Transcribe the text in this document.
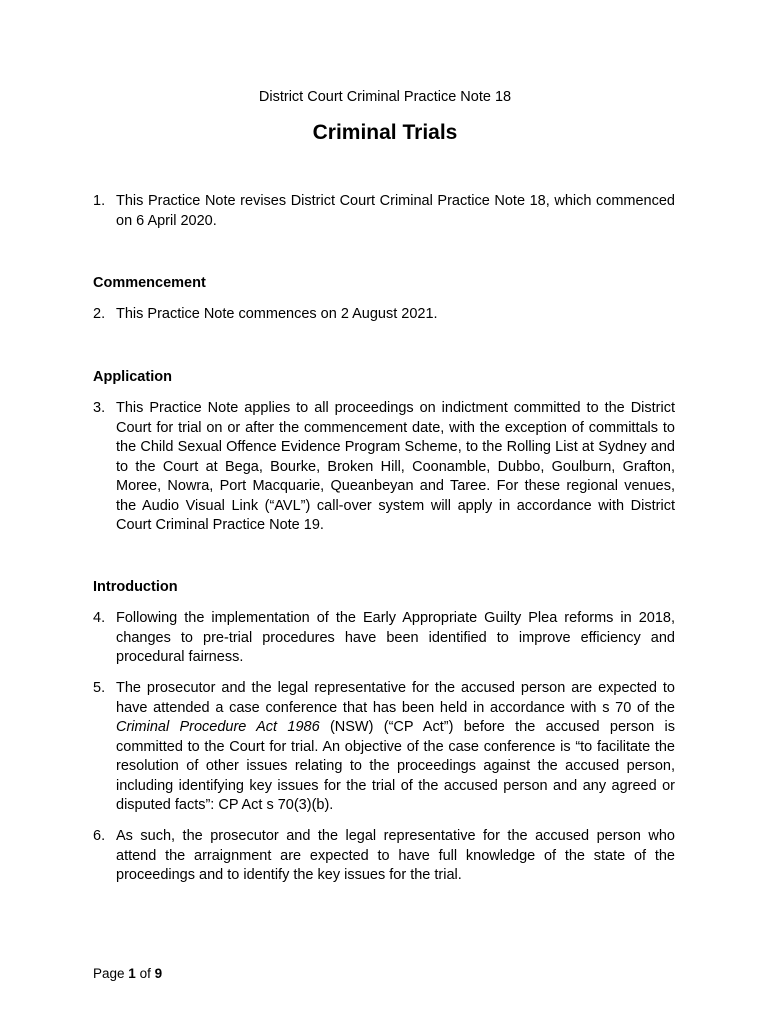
District Court Criminal Practice Note 18
Criminal Trials
1. This Practice Note revises District Court Criminal Practice Note 18, which commenced on 6 April 2020.
Commencement
2. This Practice Note commences on 2 August 2021.
Application
3. This Practice Note applies to all proceedings on indictment committed to the District Court for trial on or after the commencement date, with the exception of committals to the Child Sexual Offence Evidence Program Scheme, to the Rolling List at Sydney and to the Court at Bega, Bourke, Broken Hill, Coonamble, Dubbo, Goulburn, Grafton, Moree, Nowra, Port Macquarie, Queanbeyan and Taree. For these regional venues, the Audio Visual Link (“AVL”) call-over system will apply in accordance with District Court Criminal Practice Note 19.
Introduction
4. Following the implementation of the Early Appropriate Guilty Plea reforms in 2018, changes to pre-trial procedures have been identified to improve efficiency and procedural fairness.
5. The prosecutor and the legal representative for the accused person are expected to have attended a case conference that has been held in accordance with s 70 of the Criminal Procedure Act 1986 (NSW) (“CP Act”) before the accused person is committed to the Court for trial. An objective of the case conference is “to facilitate the resolution of other issues relating to the proceedings against the accused person, including identifying key issues for the trial of the accused person and any agreed or disputed facts”: CP Act s 70(3)(b).
6. As such, the prosecutor and the legal representative for the accused person who attend the arraignment are expected to have full knowledge of the state of the proceedings and to identify the key issues for the trial.
Page 1 of 9
